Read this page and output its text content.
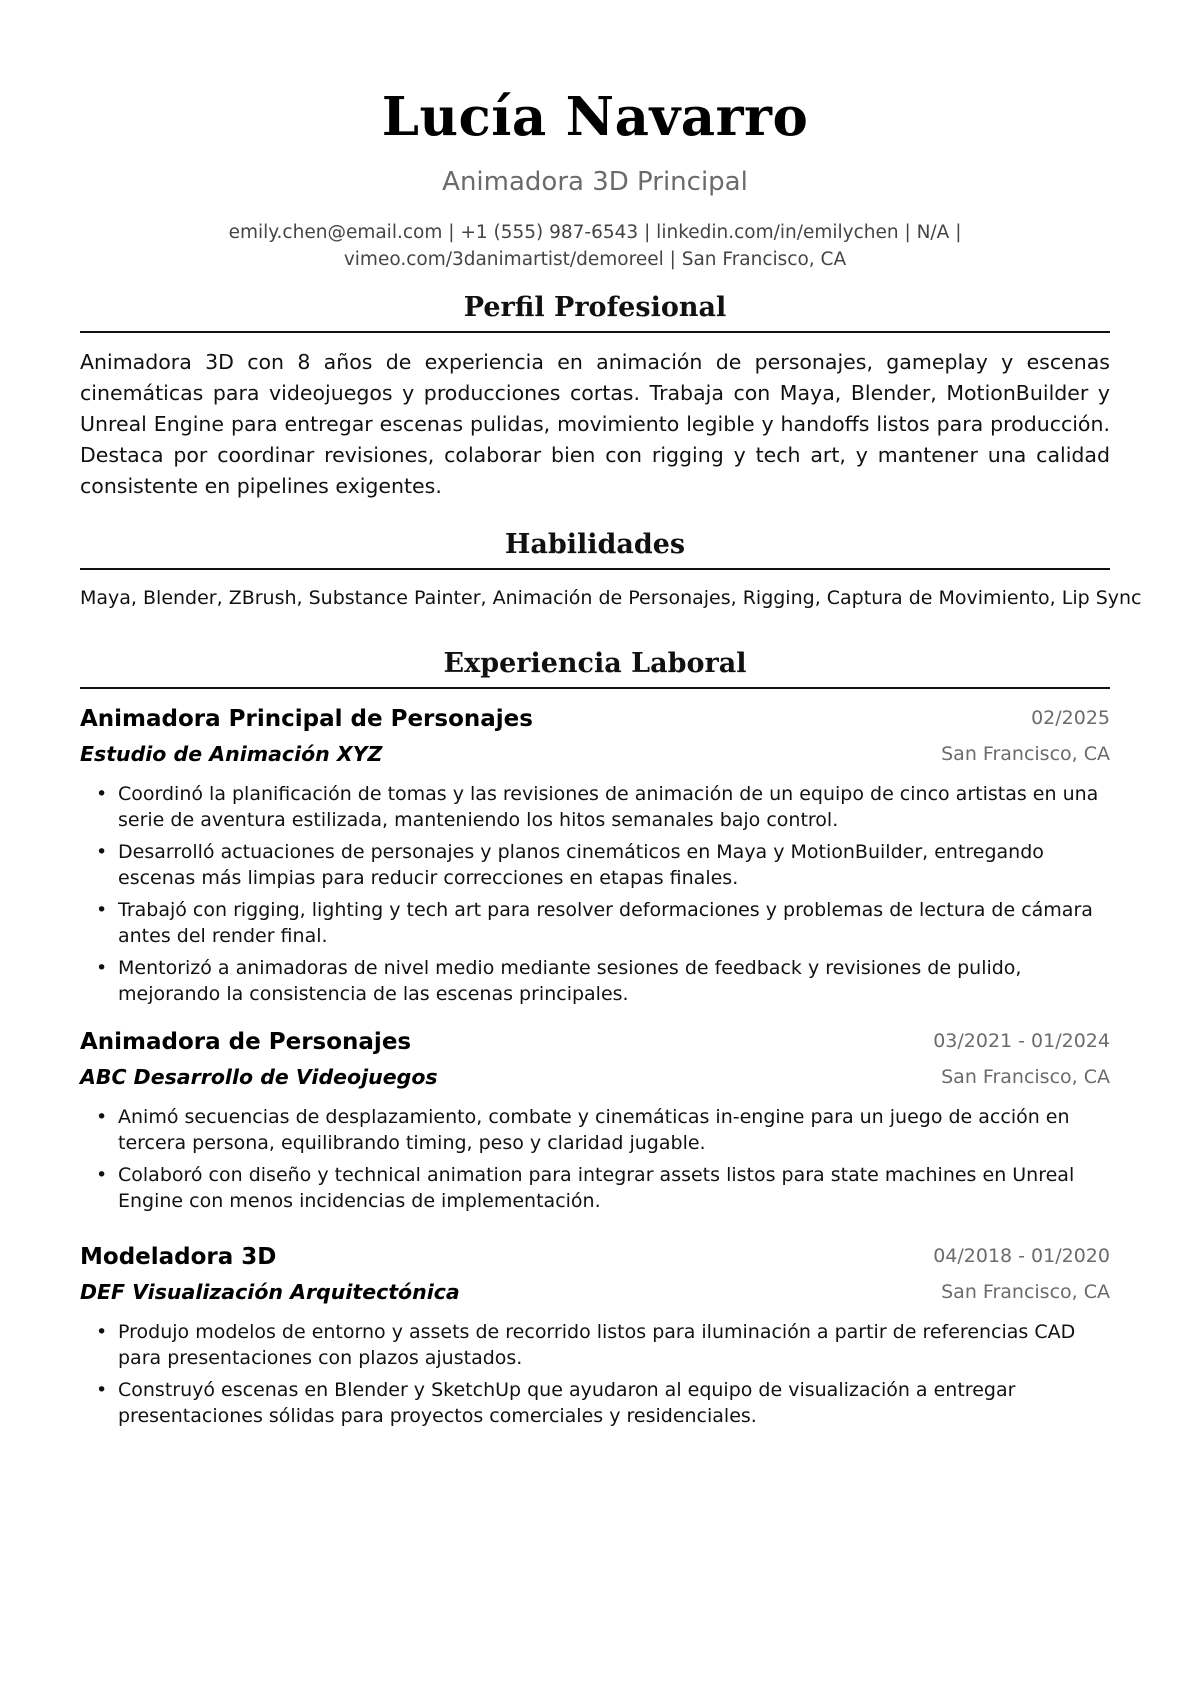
Lucía Navarro
Animadora 3D Principal
emily.chen@email.com | +1 (555) 987-6543 | linkedin.com/in/emilychen | N/A |
vimeo.com/3danimartist/demoreel | San Francisco, CA
Perfil Profesional

Animadora 3D con 8 años de experiencia en animación de personajes, gameplay y escenas cinemáticas para videojuegos y producciones cortas. Trabaja con Maya, Blender, MotionBuilder y Unreal Engine para entregar escenas pulidas, movimiento legible y handoffs listos para producción. Destaca por coordinar revisiones, colaborar bien con rigging y tech art, y mantener una calidad consistente en pipelines exigentes.

Habilidades
Maya, Blender, ZBrush, Substance Painter, Animación de Personajes, Rigging, Captura de Movimiento, Lip Sync
Experiencia Laboral
Animadora Principal de Personajes	02/2025
Estudio de Animación XYZ	San Francisco, CA
• Coordinó la planificación de tomas y las revisiones de animación de un equipo de cinco artistas en una serie de aventura estilizada, manteniendo los hitos semanales bajo control.
• Desarrolló actuaciones de personajes y planos cinemáticos en Maya y MotionBuilder, entregando escenas más limpias para reducir correcciones en etapas finales.
• Trabajó con rigging, lighting y tech art para resolver deformaciones y problemas de lectura de cámara antes del render final.
• Mentorizó a animadoras de nivel medio mediante sesiones de feedback y revisiones de pulido, mejorando la consistencia de las escenas principales.
Animadora de Personajes	03/2021 - 01/2024
ABC Desarrollo de Videojuegos	San Francisco, CA
• Animó secuencias de desplazamiento, combate y cinemáticas in-engine para un juego de acción en tercera persona, equilibrando timing, peso y claridad jugable.
• Colaboró con diseño y technical animation para integrar assets listos para state machines en Unreal Engine con menos incidencias de implementación.
Modeladora 3D	04/2018 - 01/2020
DEF Visualización Arquitectónica	San Francisco, CA
• Produjo modelos de entorno y assets de recorrido listos para iluminación a partir de referencias CAD para presentaciones con plazos ajustados.
• Construyó escenas en Blender y SketchUp que ayudaron al equipo de visualización a entregar presentaciones sólidas para proyectos comerciales y residenciales.
